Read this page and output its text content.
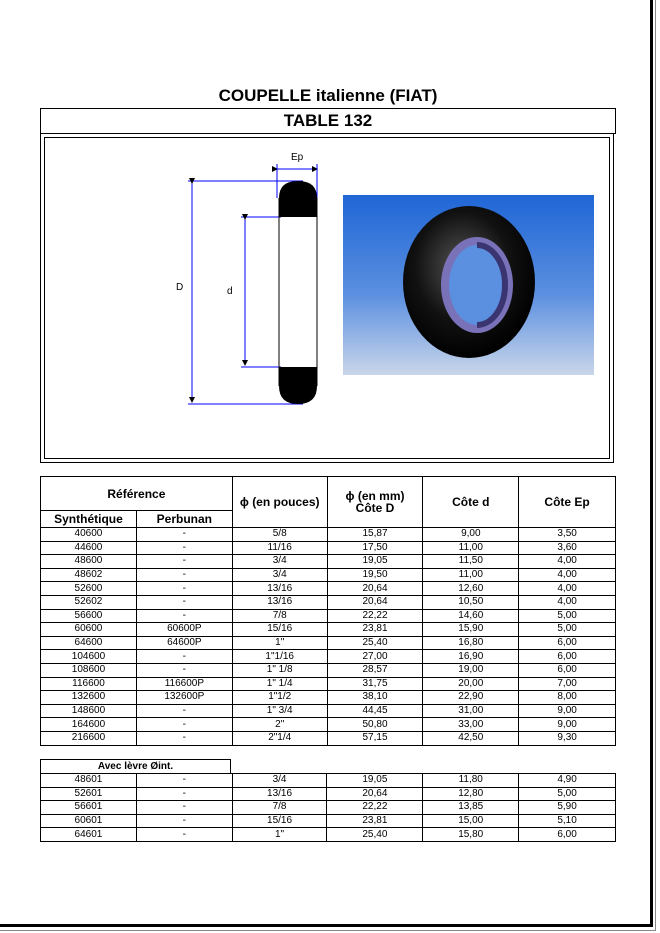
COUPELLE italienne (FIAT)
TABLE 132
Ep
D	d
Référence		ϕ (en pouces)	ϕ (en mm)
Côte D	Côte d	Côte Ep
Synthétique	Perbunan				
40600	-	5/8	15,87	9,00	3,50
44600	-	11/16	17,50	11,00	3,60
48600	-	3/4	19,05	11,50	4,00
48602	-	3/4	19,50	11,00	4,00
52600	-	13/16	20,64	12,60	4,00
52602	-	13/16	20,64	10,50	4,00
56600	-	7/8	22,22	14,60	5,00
60600	60600P	15/16	23,81	15,90	5,00
64600	64600P	1"	25,40	16,80	6,00
104600	-	1"1/16	27,00	16,90	6,00
108600	-	1" 1/8	28,57	19,00	6,00
116600	116600P	1" 1/4	31,75	20,00	7,00
132600	132600P	1"1/2	38,10	22,90	8,00
148600	-	1" 3/4	44,45	31,00	9,00
164600	-	2"	50,80	33,00	9,00
216600	-	2"1/4	57,15	42,50	9,30
Avec lèvre Øint.
48601	-	3/4	19,05	11,80	4,90
52601	-	13/16	20,64	12,80	5,00
56601	-	7/8	22,22	13,85	5,90
60601	-	15/16	23,81	15,00	5,10
64601	-	1"	25,40	15,80	6,00
